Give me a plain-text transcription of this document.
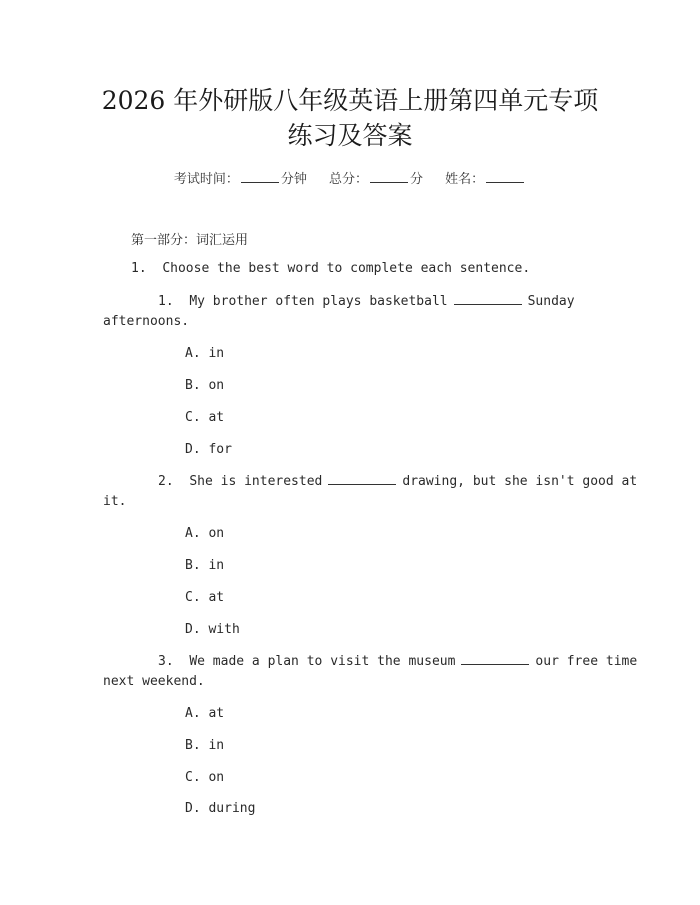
2026 年外研版八年级英语上册第四单元专项
练习及答案
考试时间：	分钟 总分：	分 姓名：
第一部分：词汇运用
1. Choose the best word to complete each sentence.
1. My brother often plays basketball	Sunday
afternoons.
A. in
B. on
C. at
D. for
2. She is interested	drawing, but she isn't good at
it.
A. on
B. in
C. at
D. with
3. We made a plan to visit the museum	our free time
next weekend.
A. at
B. in
C. on
D. during
